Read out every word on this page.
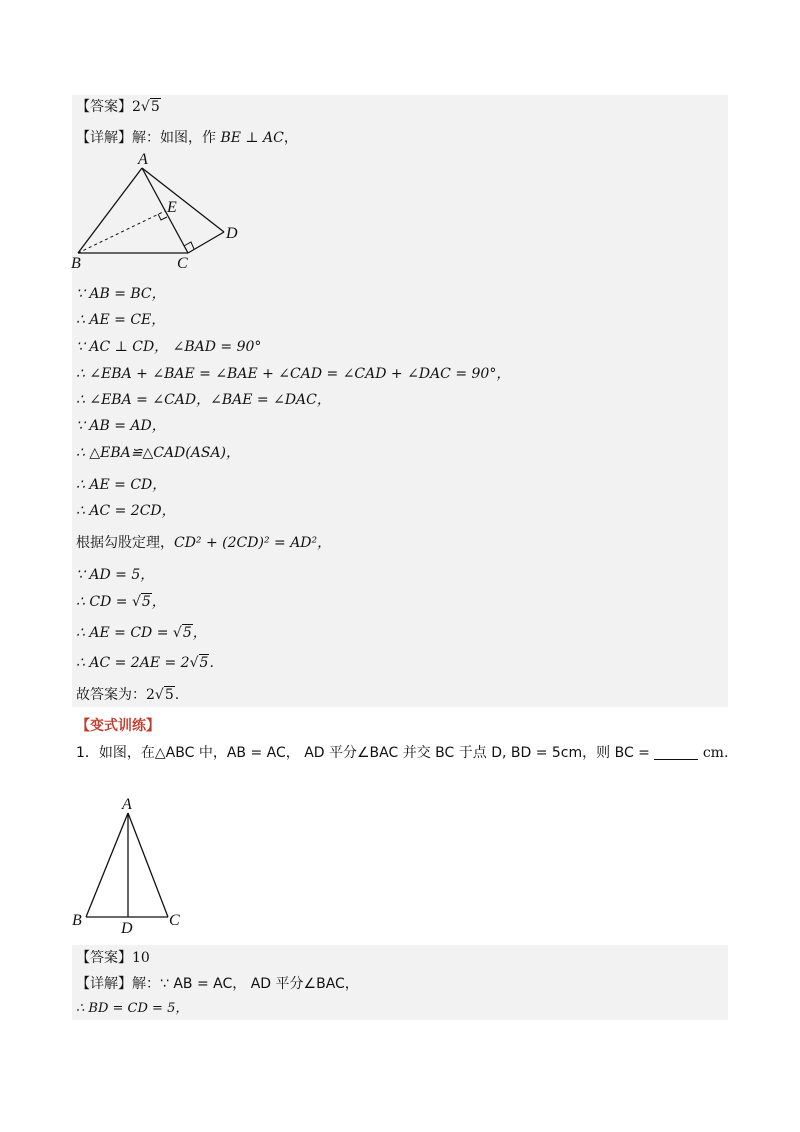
【答案】2√5
【详解】解：如图，作 BE ⊥ AC，
A
E
D
B	C
∵ AB = BC，
∴ AE = CE，
∵ AC ⊥ CD， ∠BAD = 90°
∴ ∠EBA + ∠BAE = ∠BAE + ∠CAD = ∠CAD + ∠DAC = 90°，
∴ ∠EBA = ∠CAD，∠BAE = ∠DAC，
∵ AB = AD，
∴ △EBA≌△CAD(ASA)，
∴ AE = CD，
∴ AC = 2CD，
根据勾股定理，CD² + (2CD)² = AD²，
∵ AD = 5，
∴ CD = √5，
∴ AE = CD = √5，
∴ AC = 2AE = 2√5.
故答案为：2√5.
【变式训练】
1．如图，在△ABC 中，AB = AC， AD 平分∠BAC 并交 BC 于点 D, BD = 5cm，则 BC =	cm.
A
B D C
【答案】10
【详解】解：∵ AB = AC， AD 平分∠BAC，
∴ BD = CD = 5，
